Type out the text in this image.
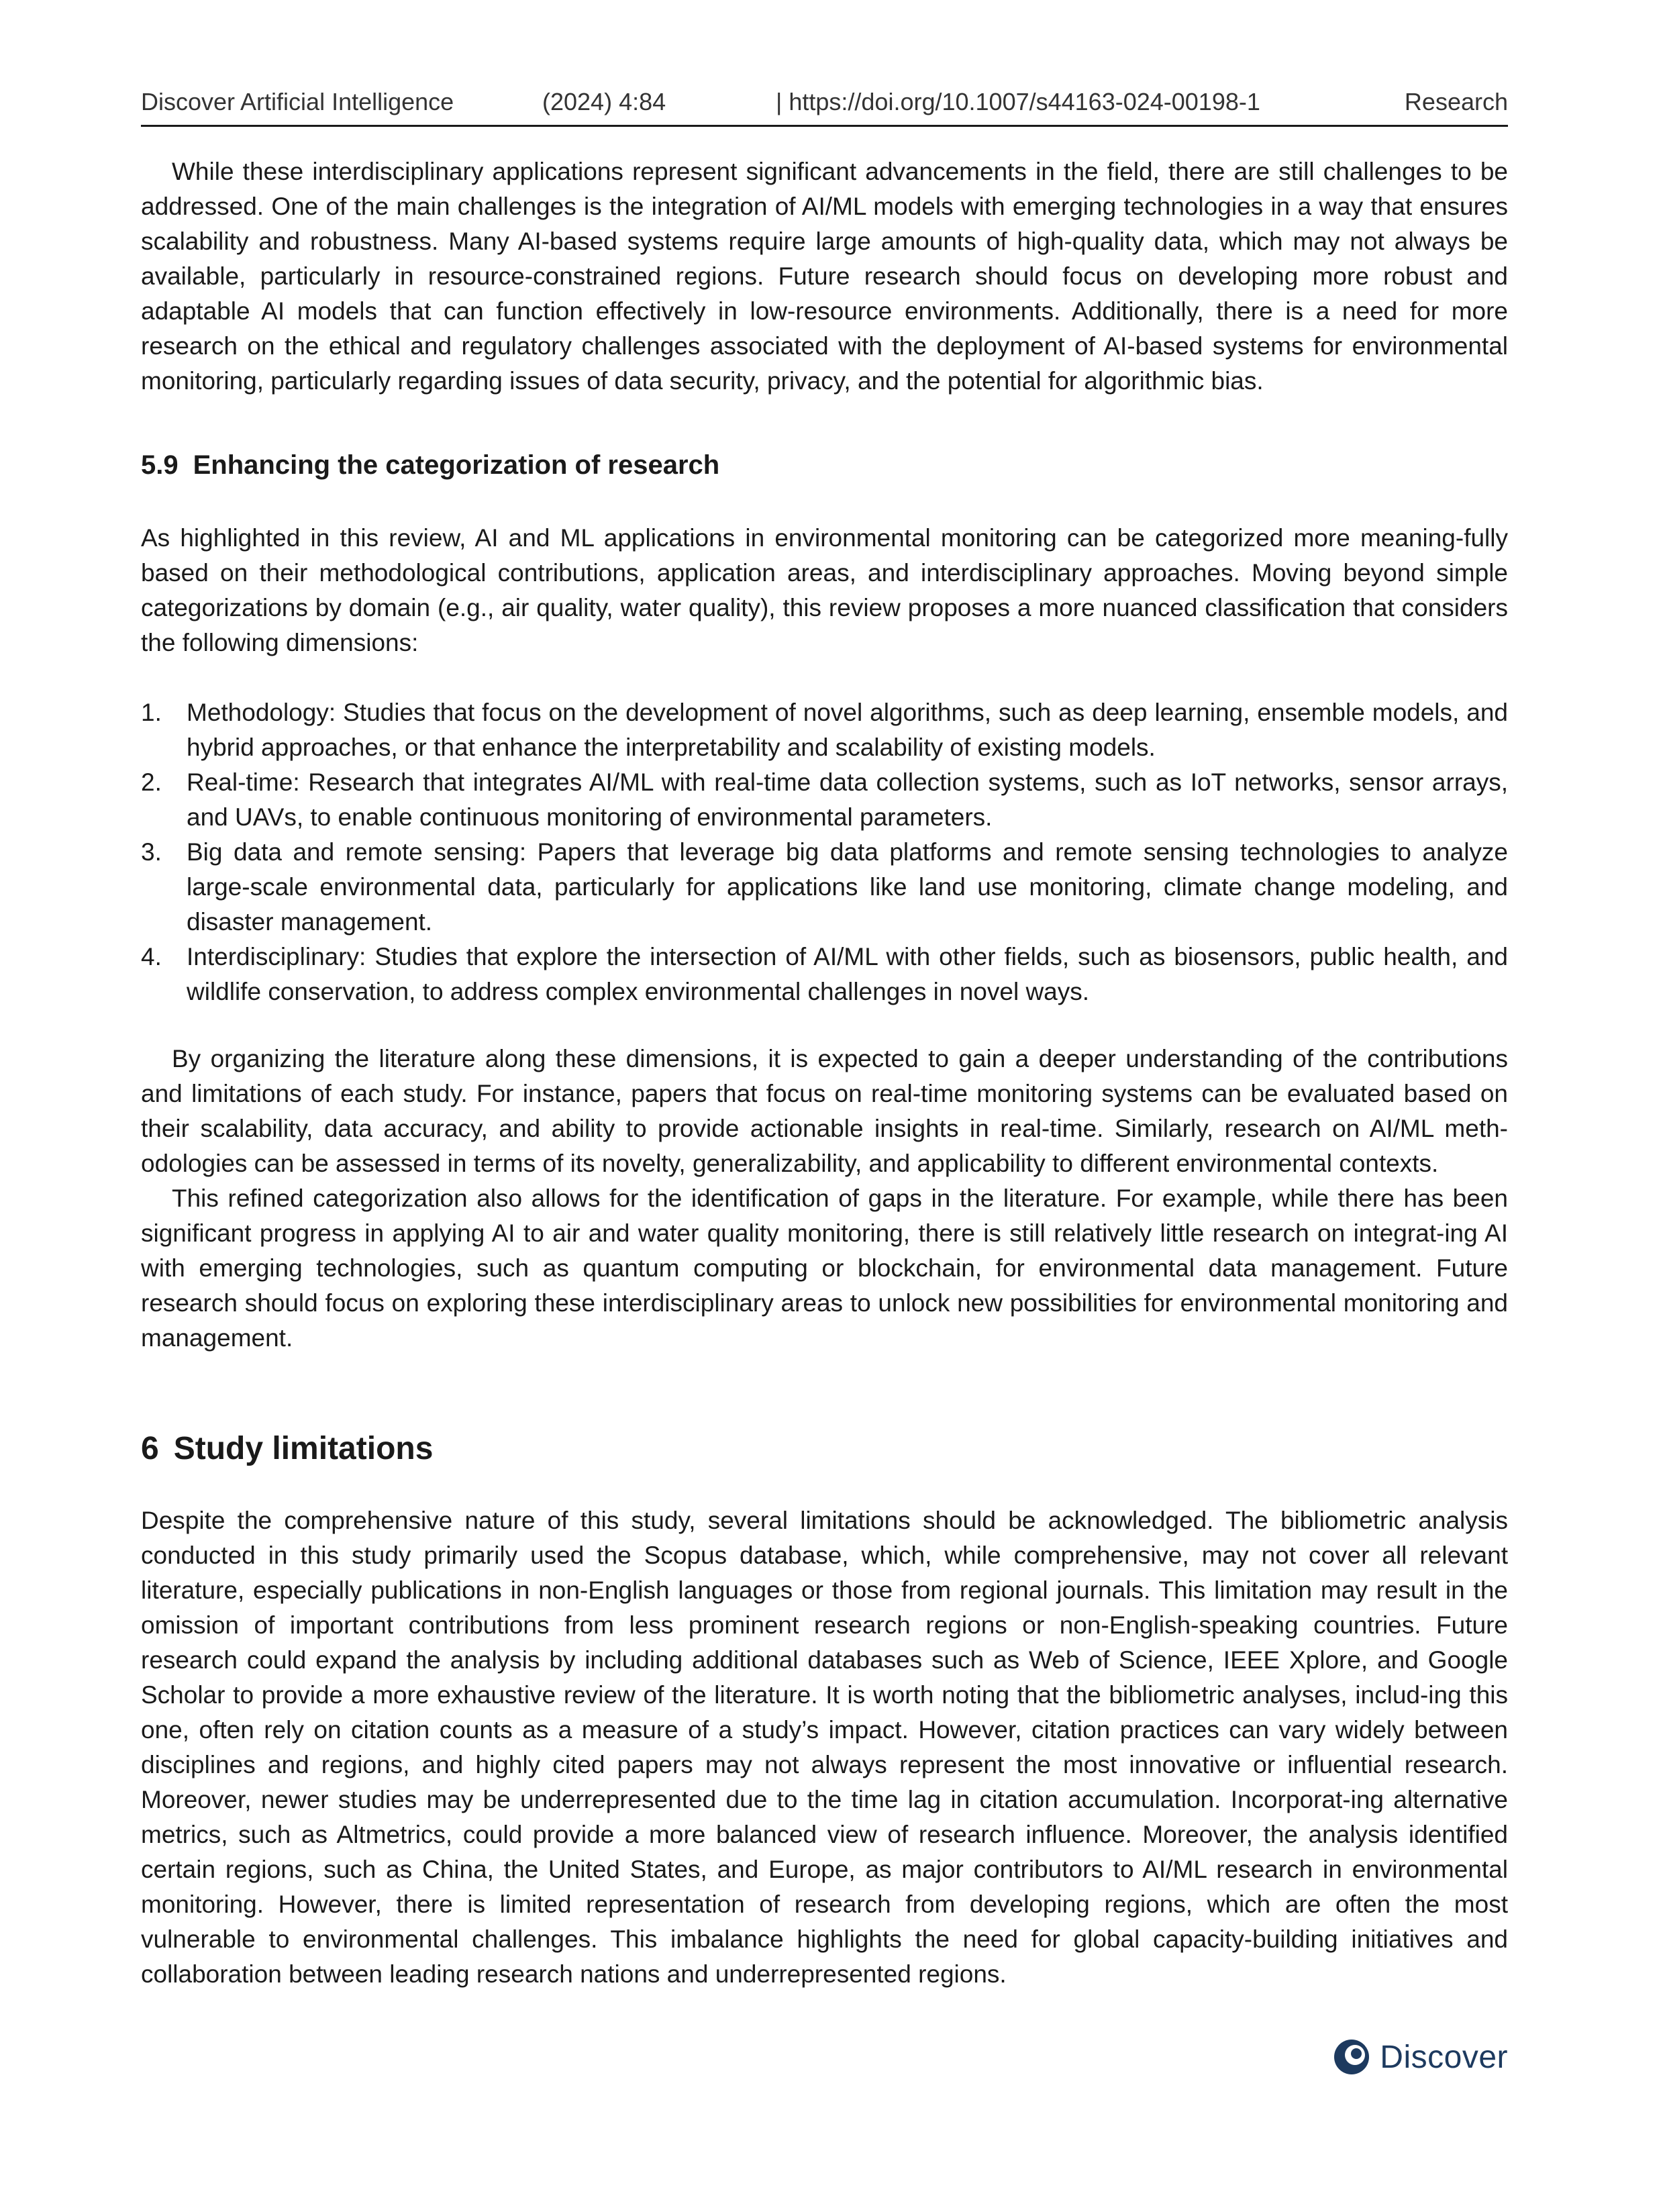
Discover Artificial Intelligence	(2024) 4:84	| https://doi.org/10.1007/s44163-024-00198-1	Research

While these interdisciplinary applications represent significant advancements in the field, there are still challenges to be addressed. One of the main challenges is the integration of AI/ML models with emerging technologies in a way that ensures scalability and robustness. Many AI-based systems require large amounts of high-quality data, which may not always be available, particularly in resource-constrained regions. Future research should focus on developing more robust and adaptable AI models that can function effectively in low-resource environments. Additionally, there is a need for more research on the ethical and regulatory challenges associated with the deployment of AI-based systems for environmental monitoring, particularly regarding issues of data security, privacy, and the potential for algorithmic bias.

5.9 Enhancing the categorization of research

As highlighted in this review, AI and ML applications in environmental monitoring can be categorized more meaning-fully based on their methodological contributions, application areas, and interdisciplinary approaches. Moving beyond simple categorizations by domain (e.g., air quality, water quality), this review proposes a more nuanced classification that considers the following dimensions:

1. Methodology: Studies that focus on the development of novel algorithms, such as deep learning, ensemble models, and hybrid approaches, or that enhance the interpretability and scalability of existing models.
2. Real-time: Research that integrates AI/ML with real-time data collection systems, such as IoT networks, sensor arrays, and UAVs, to enable continuous monitoring of environmental parameters.
3. Big data and remote sensing: Papers that leverage big data platforms and remote sensing technologies to analyze large-scale environmental data, particularly for applications like land use monitoring, climate change modeling, and disaster management.
4. Interdisciplinary: Studies that explore the intersection of AI/ML with other fields, such as biosensors, public health, and wildlife conservation, to address complex environmental challenges in novel ways.

By organizing the literature along these dimensions, it is expected to gain a deeper understanding of the contributions and limitations of each study. For instance, papers that focus on real-time monitoring systems can be evaluated based on their scalability, data accuracy, and ability to provide actionable insights in real-time. Similarly, research on AI/ML meth-odologies can be assessed in terms of its novelty, generalizability, and applicability to different environmental contexts.

This refined categorization also allows for the identification of gaps in the literature. For example, while there has been significant progress in applying AI to air and water quality monitoring, there is still relatively little research on integrat-ing AI with emerging technologies, such as quantum computing or blockchain, for environmental data management. Future research should focus on exploring these interdisciplinary areas to unlock new possibilities for environmental monitoring and management.

6 Study limitations

Despite the comprehensive nature of this study, several limitations should be acknowledged. The bibliometric analysis conducted in this study primarily used the Scopus database, which, while comprehensive, may not cover all relevant literature, especially publications in non-English languages or those from regional journals. This limitation may result in the omission of important contributions from less prominent research regions or non-English-speaking countries. Future research could expand the analysis by including additional databases such as Web of Science, IEEE Xplore, and Google Scholar to provide a more exhaustive review of the literature. It is worth noting that the bibliometric analyses, includ-ing this one, often rely on citation counts as a measure of a study’s impact. However, citation practices can vary widely between disciplines and regions, and highly cited papers may not always represent the most innovative or influential research. Moreover, newer studies may be underrepresented due to the time lag in citation accumulation. Incorporat-ing alternative metrics, such as Altmetrics, could provide a more balanced view of research influence. Moreover, the analysis identified certain regions, such as China, the United States, and Europe, as major contributors to AI/ML research in environmental monitoring. However, there is limited representation of research from developing regions, which are often the most vulnerable to environmental challenges. This imbalance highlights the need for global capacity-building initiatives and collaboration between leading research nations and underrepresented regions.

Discover
